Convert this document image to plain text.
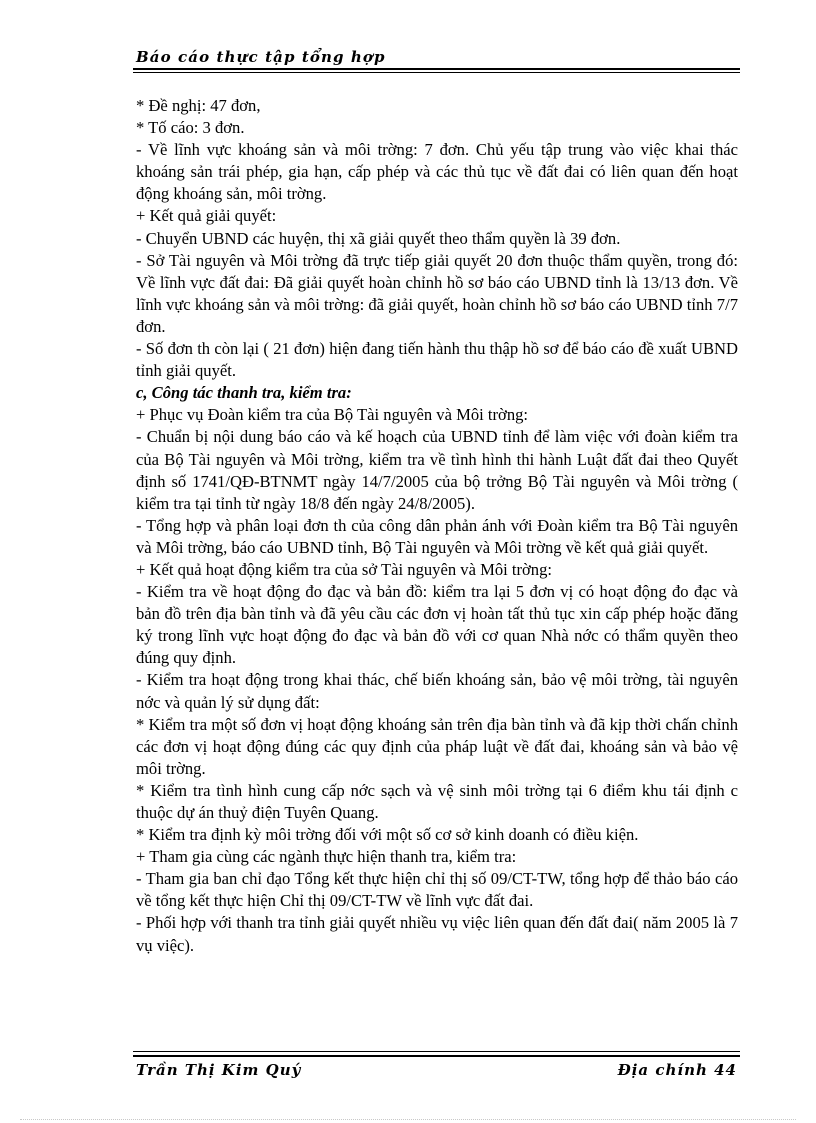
Báo cáo thực tập tổng hợp

* Đề nghị: 47 đơn,

* Tố cáo: 3 đơn.

- Về lĩnh vực khoáng sản và môi trờng: 7 đơn. Chủ yếu tập trung vào việc khai thác khoáng sản trái phép, gia hạn, cấp phép và các thủ tục về đất đai có liên quan đến hoạt động khoáng sản, môi trờng.

+ Kết quả giải quyết:

- Chuyển UBND các huyện, thị xã giải quyết theo thẩm quyền là 39 đơn.

- Sở Tài nguyên và Môi trờng đã trực tiếp giải quyết 20 đơn thuộc thẩm quyền, trong đó: Về lĩnh vực đất đai: Đã giải quyết hoàn chỉnh hồ sơ báo cáo UBND tỉnh là 13/13 đơn. Về lĩnh vực khoáng sản và môi trờng: đã giải quyết, hoàn chỉnh hồ sơ báo cáo UBND tỉnh 7/7 đơn.

- Số đơn th còn lại ( 21 đơn) hiện đang tiến hành thu thập hồ sơ để báo cáo đề xuất UBND tỉnh giải quyết.

c, Công tác thanh tra, kiểm tra:

+ Phục vụ Đoàn kiểm tra của Bộ Tài nguyên và Môi trờng:

- Chuẩn bị nội dung báo cáo và kế hoạch của UBND tỉnh để làm việc với đoàn kiểm tra của Bộ Tài nguyên và Môi trờng, kiểm tra về tình hình thi hành Luật đất đai theo Quyết định số 1741/QĐ-BTNMT ngày 14/7/2005 của bộ trởng Bộ Tài nguyên và Môi trờng ( kiểm tra tại tỉnh từ ngày 18/8 đến ngày 24/8/2005).

- Tổng hợp và phân loại đơn th của công dân phản ánh với Đoàn kiểm tra Bộ Tài nguyên và Môi trờng, báo cáo UBND tỉnh, Bộ Tài nguyên và Môi trờng về kết quả giải quyết.

+ Kết quả hoạt động kiểm tra của sở Tài nguyên và Môi trờng:

- Kiểm tra về hoạt động đo đạc và bản đồ: kiểm tra lại 5 đơn vị có hoạt động đo đạc và bản đồ trên địa bàn tỉnh và đã yêu cầu các đơn vị hoàn tất thủ tục xin cấp phép hoặc đăng ký trong lĩnh vực hoạt động đo đạc và bản đồ với cơ quan Nhà nớc có thẩm quyền theo đúng quy định.

- Kiểm tra hoạt động trong khai thác, chế biến khoáng sản, bảo vệ môi trờng, tài nguyên nớc và quản lý sử dụng đất:

* Kiểm tra một số đơn vị hoạt động khoáng sản trên địa bàn tỉnh và đã kịp thời chấn chỉnh các đơn vị hoạt động đúng các quy định của pháp luật về đất đai, khoáng sản và bảo vệ môi trờng.

* Kiểm tra tình hình cung cấp nớc sạch và vệ sinh môi trờng tại 6 điểm khu tái định c thuộc dự án thuỷ điện Tuyên Quang.

* Kiểm tra định kỳ môi trờng đối với một số cơ sở kinh doanh có điều kiện.

+ Tham gia cùng các ngành thực hiện thanh tra, kiểm tra:

- Tham gia ban chỉ đạo Tổng kết thực hiện chỉ thị số 09/CT-TW, tổng hợp để thảo báo cáo về tổng kết thực hiện Chỉ thị 09/CT-TW về lĩnh vực đất đai.

- Phối hợp với thanh tra tỉnh giải quyết nhiều vụ việc liên quan đến đất đai( năm 2005 là 7 vụ việc).

Trần Thị Kim Quý	Địa chính 44
